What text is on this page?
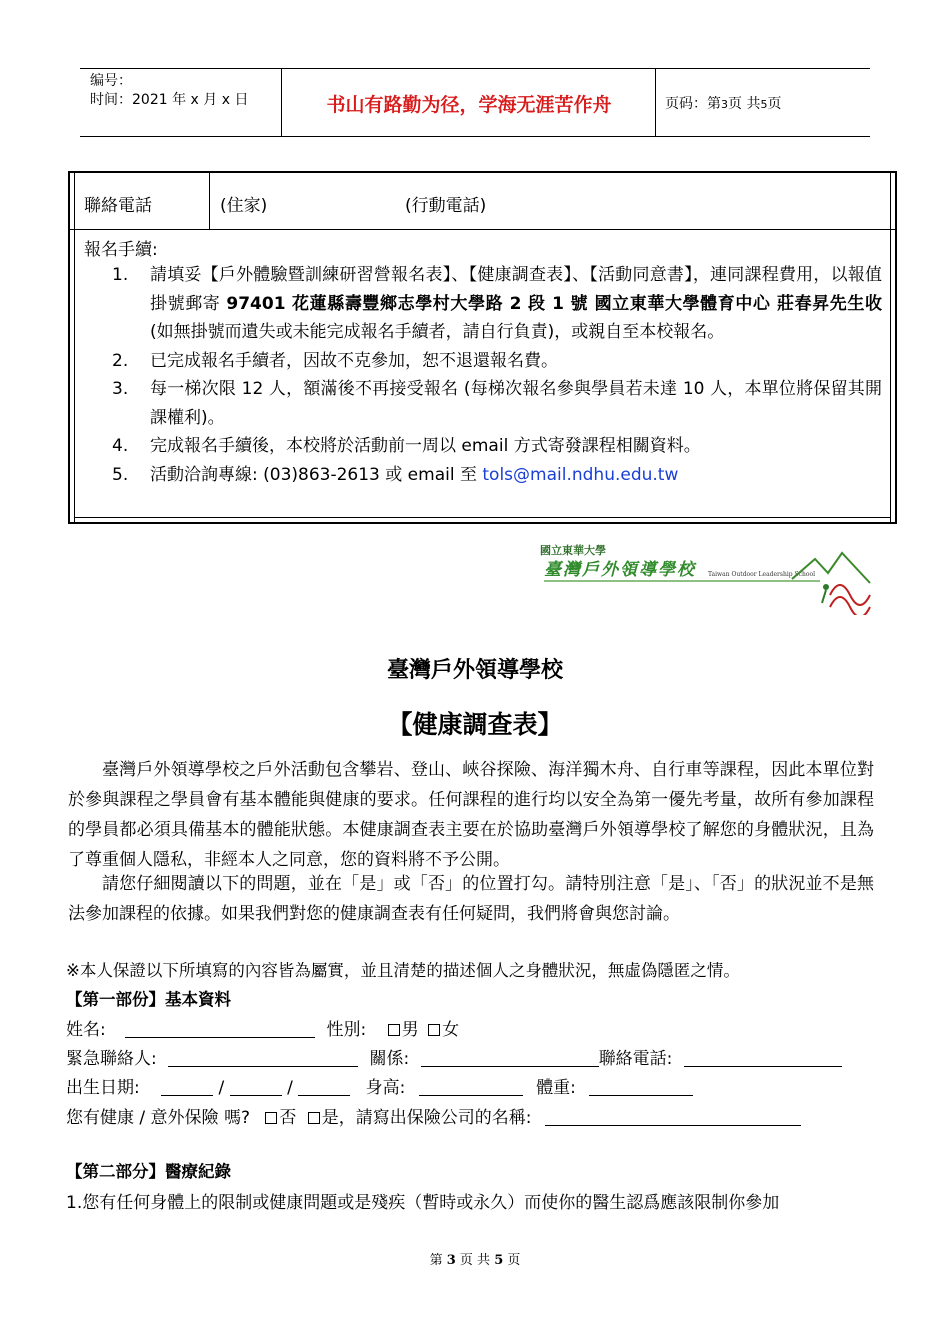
编号：
时间：2021 年 x 月 x 日	书山有路勤为径，学海无涯苦作舟	页码：第3页 共5页
聯絡電話	(住家)	(行動電話)
報名手續:
1.	請填妥【戶外體驗暨訓練研習營報名表】、【健康調查表】、【活動同意書】，連同課程費用，以報值掛號郵寄 97401 花蓮縣壽豐鄉志學村大學路 2 段 1 號 國立東華大學體育中心 莊春昇先生收 (如無掛號而遺失或未能完成報名手續者，請自行負責)，或親自至本校報名。
2.	已完成報名手續者，因故不克參加，恕不退還報名費。
3.	每一梯次限 12 人，額滿後不再接受報名 (每梯次報名參與學員若未達 10 人，本單位將保留其開課權利)。
4.	完成報名手續後，本校將於活動前一周以 email 方式寄發課程相關資料。
5.	活動洽詢專線: (03)863-2613 或 email 至 tols@mail.ndhu.edu.tw
國立東華大學
臺灣戶外領導學校 Taiwan Outdoor Leadership School
臺灣戶外領導學校
【健康調查表】
臺灣戶外領導學校之戶外活動包含攀岩、登山、峽谷探險、海洋獨木舟、自行車等課程，因此本單位對於參與課程之學員會有基本體能與健康的要求。任何課程的進行均以安全為第一優先考量，故所有參加課程的學員都必須具備基本的體能狀態。本健康調查表主要在於協助臺灣戶外領導學校了解您的身體狀況，且為了尊重個人隱私，非經本人之同意，您的資料將不予公開。
請您仔細閱讀以下的問題，並在「是」或「否」的位置打勾。請特別注意「是」、「否」的狀況並不是無法參加課程的依據。如果我們對您的健康調查表有任何疑問，我們將會與您討論。
※本人保證以下所填寫的內容皆為屬實，並且清楚的描述個人之身體狀況，無虛偽隱匿之情。
【第一部份】基本資料
姓名:	性別: 男 女
緊急聯絡人:	關係:	聯絡電話:
出生日期:	/	/	身高:	體重:
您有健康 / 意外保險 嗎? 否 是，請寫出保險公司的名稱:
【第二部分】醫療紀錄
1.您有任何身體上的限制或健康問題或是殘疾（暫時或永久）而使你的醫生認爲應該限制你參加
第 3 页 共 5 页
